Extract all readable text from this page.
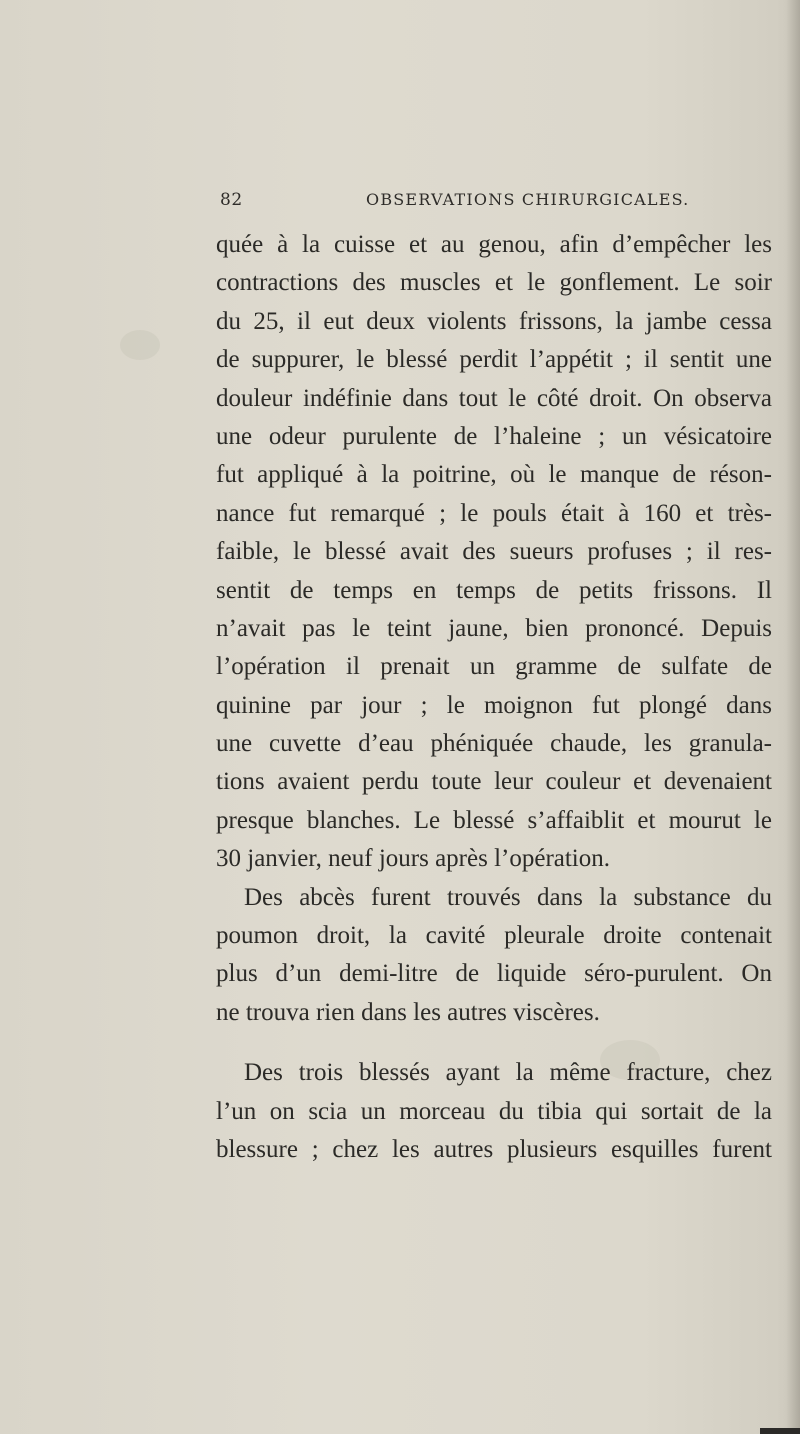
82	OBSERVATIONS CHIRURGICALES.
quée à la cuisse et au genou, afin d’empêcher les
contractions des muscles et le gonflement. Le soir
du 25, il eut deux violents frissons, la jambe cessa
de suppurer, le blessé perdit l’appétit ; il sentit une
douleur indéfinie dans tout le côté droit. On observa
une odeur purulente de l’haleine ; un vésicatoire
fut appliqué à la poitrine, où le manque de réson-
nance fut remarqué ; le pouls était à 160 et très-
faible, le blessé avait des sueurs profuses ; il res-
sentit de temps en temps de petits frissons. Il
n’avait pas le teint jaune, bien prononcé. Depuis
l’opération il prenait un gramme de sulfate de
quinine par jour ; le moignon fut plongé dans
une cuvette d’eau phéniquée chaude, les granula-
tions avaient perdu toute leur couleur et devenaient
presque blanches. Le blessé s’affaiblit et mourut le
30 janvier, neuf jours après l’opération.
Des abcès furent trouvés dans la substance du
poumon droit, la cavité pleurale droite contenait
plus d’un demi-litre de liquide séro-purulent. On
ne trouva rien dans les autres viscères.
Des trois blessés ayant la même fracture, chez
l’un on scia un morceau du tibia qui sortait de la
blessure ; chez les autres plusieurs esquilles furent
